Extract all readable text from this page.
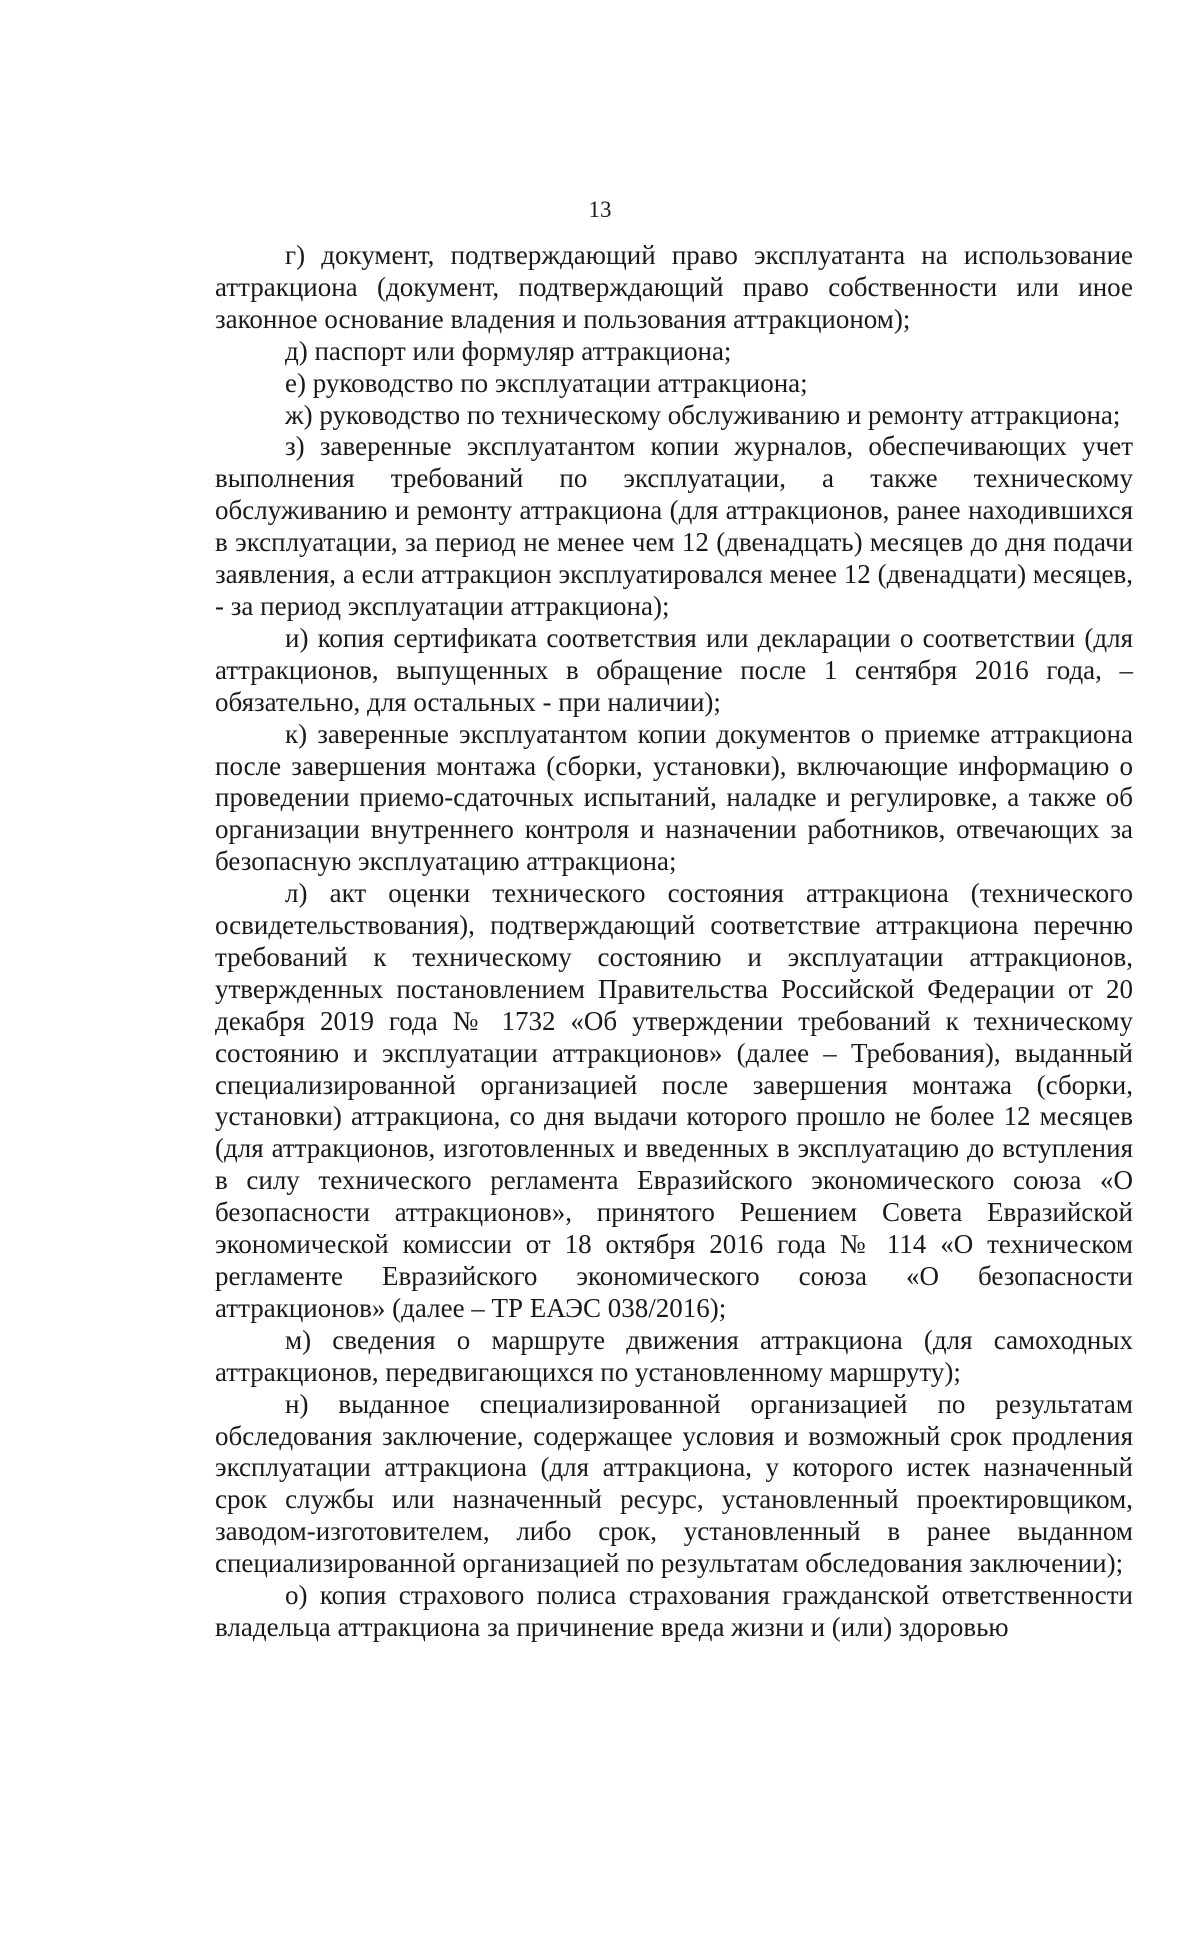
13

г) документ, подтверждающий право эксплуатанта на использование аттракциона (документ, подтверждающий право собственности или иное законное основание владения и пользования аттракционом);

д) паспорт или формуляр аттракциона;

е) руководство по эксплуатации аттракциона;

ж) руководство по техническому обслуживанию и ремонту аттракциона;

з) заверенные эксплуатантом копии журналов, обеспечивающих учет выполнения требований по эксплуатации, а также техническому обслуживанию и ремонту аттракциона (для аттракционов, ранее находившихся в эксплуатации, за период не менее чем 12 (двенадцать) месяцев до дня подачи заявления, а если аттракцион эксплуатировался менее 12 (двенадцати) месяцев, - за период эксплуатации аттракциона);

и) копия сертификата соответствия или декларации о соответствии (для аттракционов, выпущенных в обращение после 1 сентября 2016 года, – обязательно, для остальных - при наличии);

к) заверенные эксплуатантом копии документов о приемке аттракциона после завершения монтажа (сборки, установки), включающие информацию о проведении приемо-сдаточных испытаний, наладке и регулировке, а также об организации внутреннего контроля и назначении работников, отвечающих за безопасную эксплуатацию аттракциона;

л) акт оценки технического состояния аттракциона (технического освидетельствования), подтверждающий соответствие аттракциона перечню требований к техническому состоянию и эксплуатации аттракционов, утвержденных постановлением Правительства Российской Федерации от 20 декабря 2019 года № 1732 «Об утверждении требований к техническому состоянию и эксплуатации аттракционов» (далее – Требования), выданный специализированной организацией после завершения монтажа (сборки, установки) аттракциона, со дня выдачи которого прошло не более 12 месяцев (для аттракционов, изготовленных и введенных в эксплуатацию до вступления в силу технического регламента Евразийского экономического союза «О безопасности аттракционов», принятого Решением Совета Евразийской экономической комиссии от 18 октября 2016 года № 114 «О техническом регламенте Евразийского экономического союза «О безопасности аттракционов» (далее – ТР ЕАЭС 038/2016);

м) сведения о маршруте движения аттракциона (для самоходных аттракционов, передвигающихся по установленному маршруту);

н) выданное специализированной организацией по результатам обследования заключение, содержащее условия и возможный срок продления эксплуатации аттракциона (для аттракциона, у которого истек назначенный срок службы или назначенный ресурс, установленный проектировщиком, заводом-изготовителем, либо срок, установленный в ранее выданном специализированной организацией по результатам обследования заключении);

о) копия страхового полиса страхования гражданской ответственности владельца аттракциона за причинение вреда жизни и (или) здоровью
